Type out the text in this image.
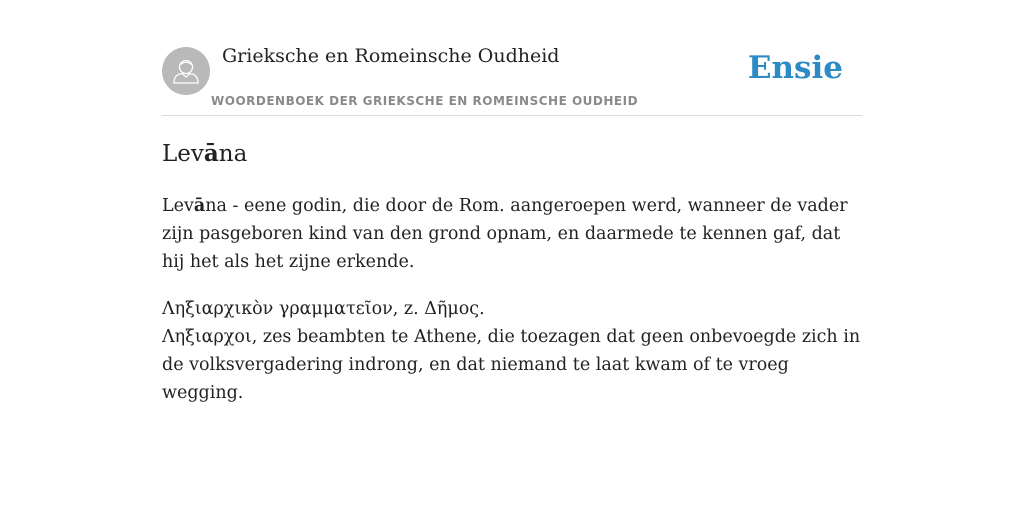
Grieksche en Romeinsche Oudheid
WOORDENBOEK DER GRIEKSCHE EN ROMEINSCHE OUDHEID
Ensie
Levāna

Levāna - eene godin, die door de Rom. aangeroepen werd, wanneer de vader zijn pasgeboren kind van den grond opnam, en daarmede te kennen gaf, dat hij het als het zijne erkende.

Ληξιαρχικὸν γραμματεῖον, z. Δῆμος.
Ληξιαρχοι, zes beambten te Athene, die toezagen dat geen onbevoegde zich in de volksvergadering indrong, en dat niemand te laat kwam of te vroeg wegging.
